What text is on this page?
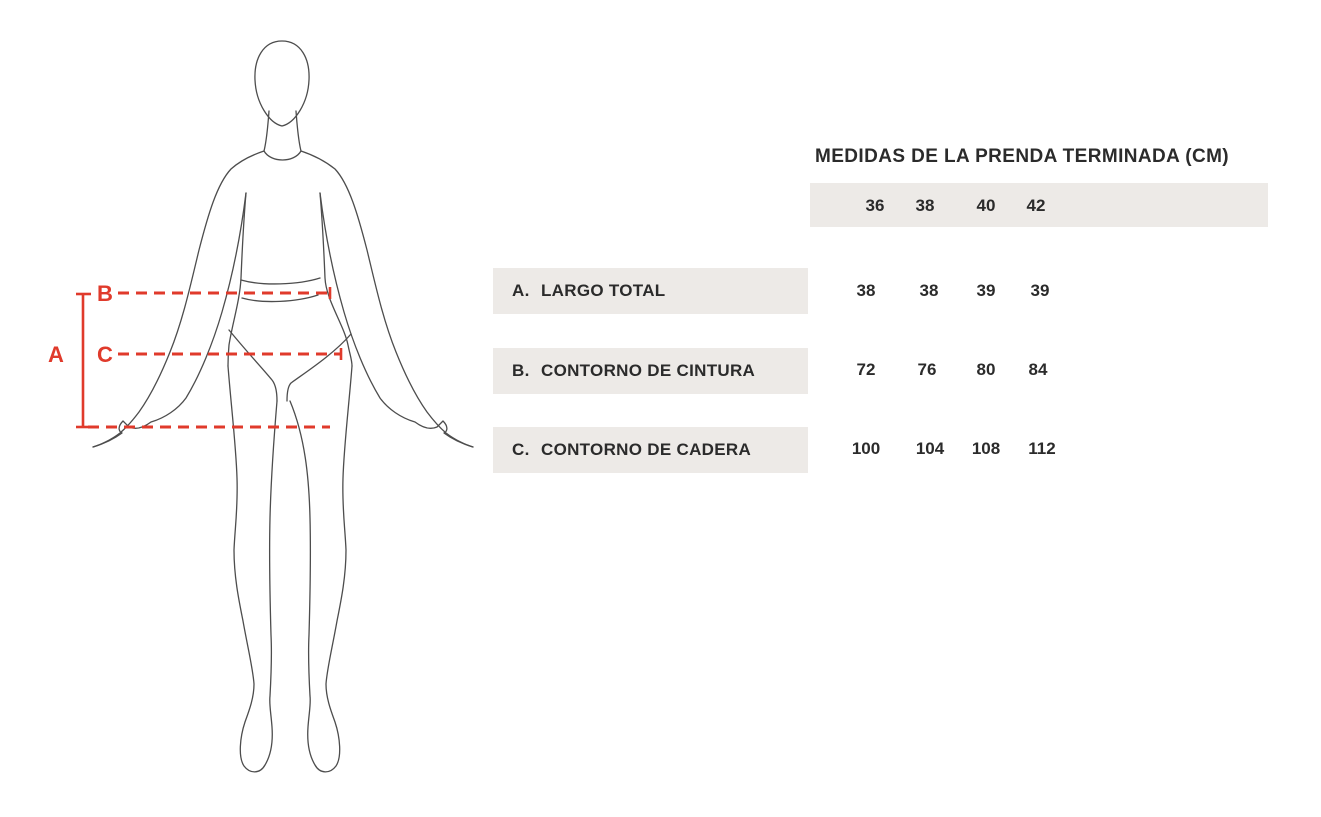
A
B
C
MEDIDAS DE LA PRENDA TERMINADA (CM)
36 38 40 42
A. LARGO TOTAL	38	38 39 39
B. CONTORNO DE CINTURA	72 76 80 84
C. CONTORNO DE CADERA	100 104 108 112
